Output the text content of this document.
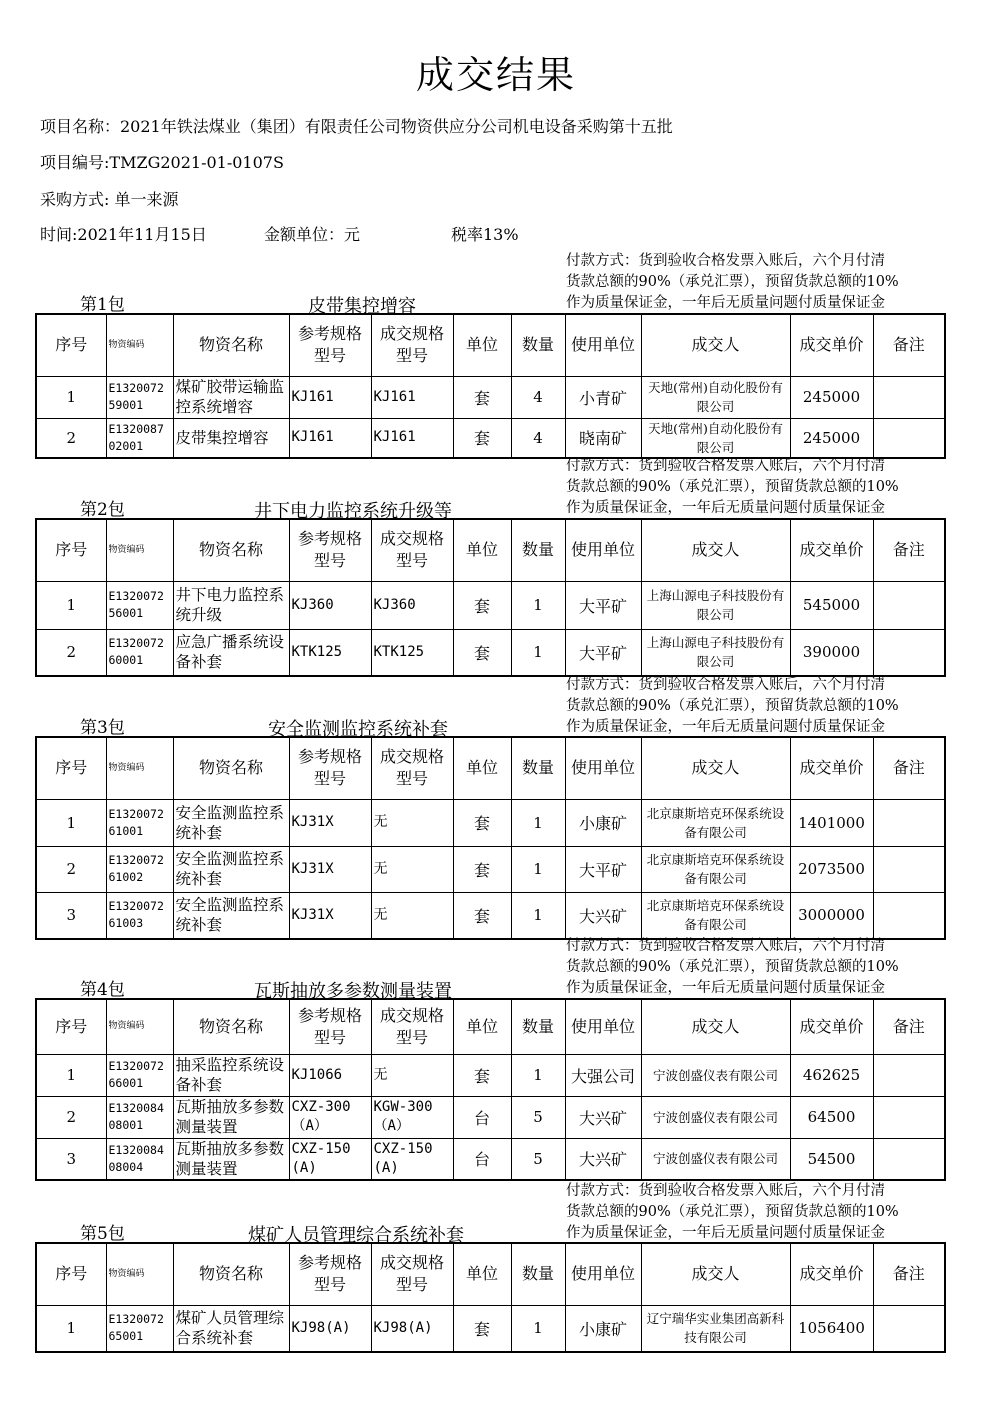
成交结果
项目名称：2021年铁法煤业（集团）有限责任公司物资供应分公司机电设备采购第十五批
项目编号:TMZG2021-01-0107S
采购方式: 单一来源
时间:2021年11月15日	金额单位：元	税率13%
付款方式：货到验收合格发票入账后，六个月付清
货款总额的90%（承兑汇票），预留货款总额的10%
作为质量保证金，一年后无质量问题付质量保证金
第1包	皮带集控增容
序号	物资编码	物资名称	参考规格型号	成交规格型号	单位	数量	使用单位	成交人	成交单价	备注
1	E132007259001	煤矿胶带运输监控系统增容	KJ161	KJ161	套	4	小青矿	天地(常州)自动化股份有限公司	245000	
2	E132008702001	皮带集控增容	KJ161	KJ161	套	4	晓南矿	天地(常州)自动化股份有限公司	245000	
付款方式：货到验收合格发票入账后，六个月付清
货款总额的90%（承兑汇票），预留货款总额的10%
作为质量保证金，一年后无质量问题付质量保证金
第2包	井下电力监控系统升级等
序号	物资编码	物资名称	参考规格型号	成交规格型号	单位	数量	使用单位	成交人	成交单价	备注
1	E132007256001	井下电力监控系统升级	KJ360	KJ360	套	1	大平矿	上海山源电子科技股份有限公司	545000	
2	E132007260001	应急广播系统设备补套	KTK125	KTK125	套	1	大平矿	上海山源电子科技股份有限公司	390000	
付款方式：货到验收合格发票入账后，六个月付清
货款总额的90%（承兑汇票），预留货款总额的10%
作为质量保证金，一年后无质量问题付质量保证金
第3包	安全监测监控系统补套
序号	物资编码	物资名称	参考规格型号	成交规格型号	单位	数量	使用单位	成交人	成交单价	备注
1	E132007261001	安全监测监控系统补套	KJ31X	无	套	1	小康矿	北京康斯培克环保系统设备有限公司	1401000	
2	E132007261002	安全监测监控系统补套	KJ31X	无	套	1	大平矿	北京康斯培克环保系统设备有限公司	2073500	
3	E132007261003	安全监测监控系统补套	KJ31X	无	套	1	大兴矿	北京康斯培克环保系统设备有限公司	3000000	
付款方式：货到验收合格发票入账后，六个月付清
货款总额的90%（承兑汇票），预留货款总额的10%
作为质量保证金，一年后无质量问题付质量保证金
第4包	瓦斯抽放多参数测量装置
序号	物资编码	物资名称	参考规格型号	成交规格型号	单位	数量	使用单位	成交人	成交单价	备注
1	E132007266001	抽采监控系统设备补套	KJ1066	无	套	1	大强公司	宁波创盛仪表有限公司	462625	
2	E132008408001	瓦斯抽放多参数测量装置	CXZ-300（A）	KGW-300（A）	台	5	大兴矿	宁波创盛仪表有限公司	64500	
3	E132008408004	瓦斯抽放多参数测量装置	CXZ-150(A)	CXZ-150(A)	台	5	大兴矿	宁波创盛仪表有限公司	54500	
付款方式：货到验收合格发票入账后，六个月付清
货款总额的90%（承兑汇票），预留货款总额的10%
作为质量保证金，一年后无质量问题付质量保证金
第5包	煤矿人员管理综合系统补套
序号	物资编码	物资名称	参考规格型号	成交规格型号	单位	数量	使用单位	成交人	成交单价	备注
1	E132007265001	煤矿人员管理综合系统补套	KJ98(A)	KJ98(A)	套	1	小康矿	辽宁瑞华实业集团高新科技有限公司	1056400	
